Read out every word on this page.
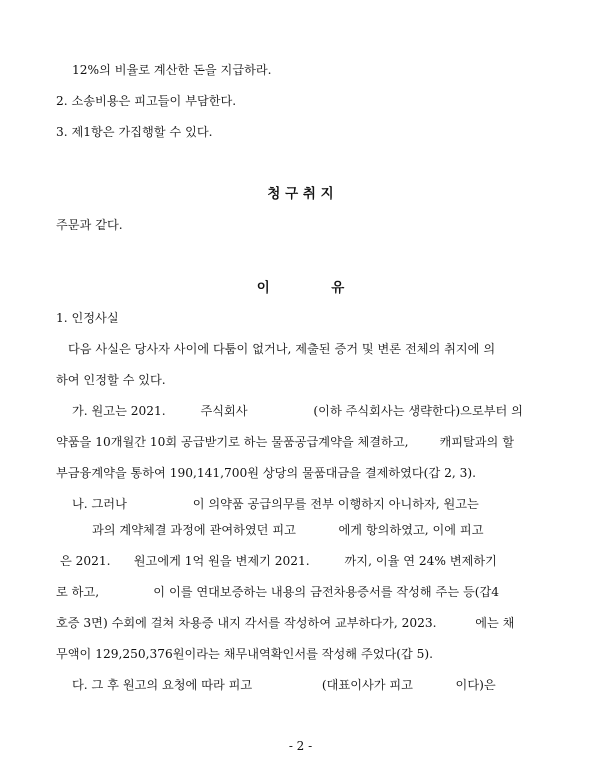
12%의 비율로 계산한 돈을 지급하라.
2. 소송비용은 피고들이 부담한다.
3. 제1항은 가집행할 수 있다.
청 구 취 지
주문과 같다.
이	유
1. 인정사실
다음 사실은 당사자 사이에 다툼이 없거나, 제출된 증거 및 변론 전체의 취지에 의
하여 인정할 수 있다.
가. 원고는 2021.         주식회사                 (이하 주식회사는 생략한다)으로부터 의
약품을 10개월간 10회 공급받기로 하는 물품공급계약을 체결하고,        캐피탈과의 할
부금융계약을 통하여 190,141,700원 상당의 물품대금을 결제하였다(갑 2, 3).
나. 그러나                 이 의약품 공급의무를 전부 이행하지 아니하자, 원고는
과의 계약체결 과정에 관여하였던 피고           에게 항의하였고, 이에 피고
은 2021.      원고에게 1억 원을 변제기 2021.         까지, 이율 연 24% 변제하기
로 하고,              이 이를 연대보증하는 내용의 금전차용증서를 작성해 주는 등(갑4
호증 3면) 수회에 걸쳐 차용증 내지 각서를 작성하여 교부하다가, 2023.          에는 채
무액이 129,250,376원이라는 채무내역확인서를 작성해 주었다(갑 5).
다. 그 후 원고의 요청에 따라 피고                  (대표이사가 피고           이다)은
- 2 -
